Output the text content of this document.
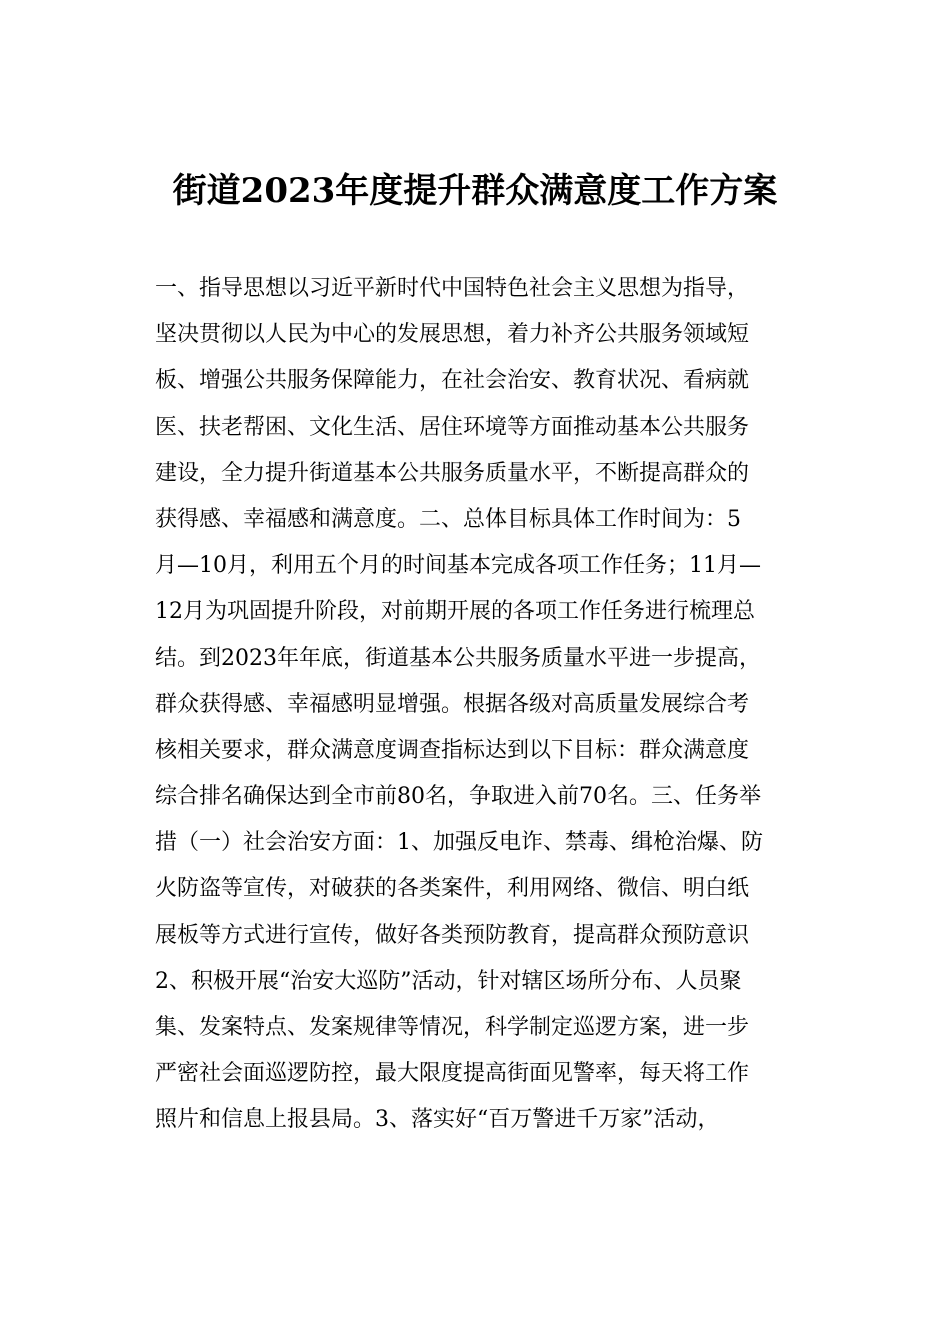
街道2023年度提升群众满意度工作方案

一、指导思想以习近平新时代中国特色社会主义思想为指导，

坚决贯彻以人民为中心的发展思想，着力补齐公共服务领域短

板、增强公共服务保障能力，在社会治安、教育状况、看病就

医、扶老帮困、文化生活、居住环境等方面推动基本公共服务

建设，全力提升街道基本公共服务质量水平，不断提高群众的

获得感、幸福感和满意度。二、总体目标具体工作时间为：5

月—10月，利用五个月的时间基本完成各项工作任务；11月—

12月为巩固提升阶段，对前期开展的各项工作任务进行梳理总

结。到2023年年底，街道基本公共服务质量水平进一步提高，

群众获得感、幸福感明显增强。根据各级对高质量发展综合考

核相关要求，群众满意度调查指标达到以下目标：群众满意度

综合排名确保达到全市前80名，争取进入前70名。三、任务举

措（一）社会治安方面：1、加强反电诈、禁毒、缉枪治爆、防

火防盗等宣传，对破获的各类案件，利用网络、微信、明白纸

展板等方式进行宣传，做好各类预防教育，提高群众预防意识

2、积极开展“治安大巡防”活动，针对辖区场所分布、人员聚

集、发案特点、发案规律等情况，科学制定巡逻方案，进一步

严密社会面巡逻防控，最大限度提高街面见警率，每天将工作

照片和信息上报县局。3、落实好“百万警进千万家”活动，
